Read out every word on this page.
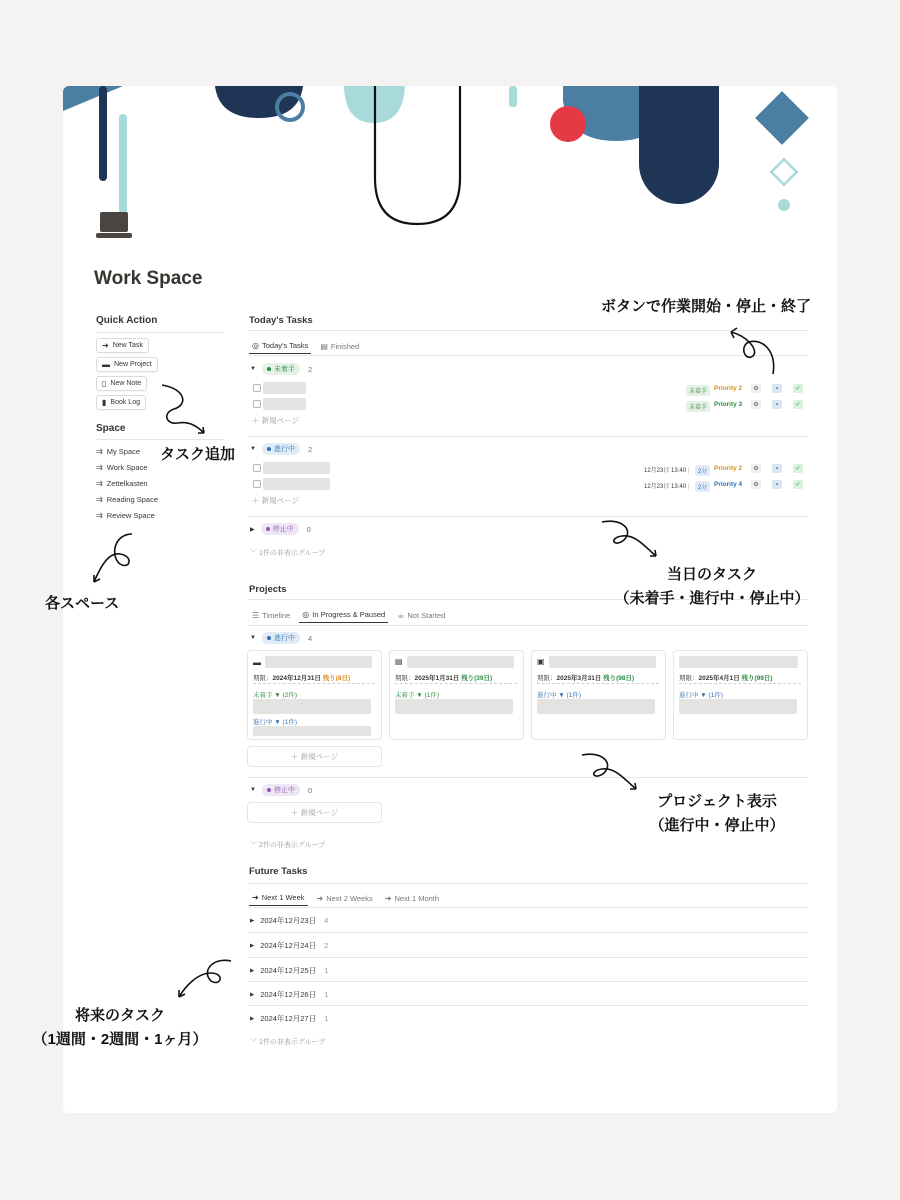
Work Space
Quick Action
➜ New Task
▬ New Project
▯ New Note
▮ Book Log
Space
⇉ My Space
⇉ Work Space
⇉ Zettelkasten
⇉ Reading Space
⇉ Review Space
Today's Tasks
◎ Today's Tasks ▤ Finished
▼	未着手 2
未着手	Priority 2	⚙	▪	✓
未着手	Priority 3	⚙	▪	✓
＋ 新規ページ
▼	進行中 2
12月23日 13:40 |	2分	Priority 2	⚙	▪	✓
12月23日 13:40 |	2分	Priority 4	⚙	▪	✓
＋ 新規ページ
▶	停止中 0
﹀ 1件の非表示グループ
Projects
☰ Timeline ◎ In Progress & Paused ☕ Not Started
▼	進行中 4
▬
期限：2024年12月31日 残り(8日)
未着手 ▼ (2件)
進行中 ▼ (1件)
▤
期限：2025年1月31日 残り(39日)
未着手 ▼ (1件)
▣
期限：2025年3月31日 残り(98日)
進行中 ▼ (1件)
期限：2025年4月1日 残り(99日)
進行中 ▼ (1件)
＋ 新規ページ
▼	停止中 0
＋ 新規ページ
﹀ 2件の非表示グループ
Future Tasks
➜ Next 1 Week ➜ Next 2 Weeks ➜ Next 1 Month
▶ 2024年12月23日 4
▶ 2024年12月24日 2
▶ 2024年12月25日 1
▶ 2024年12月26日 1
▶ 2024年12月27日 1
﹀ 1件の非表示グループ
ボタンで作業開始・停止・終了
タスク追加
各スペース
当日のタスク
（未着手・進行中・停止中）
プロジェクト表示
（進行中・停止中）
将来のタスク
（1週間・2週間・1ヶ月）
